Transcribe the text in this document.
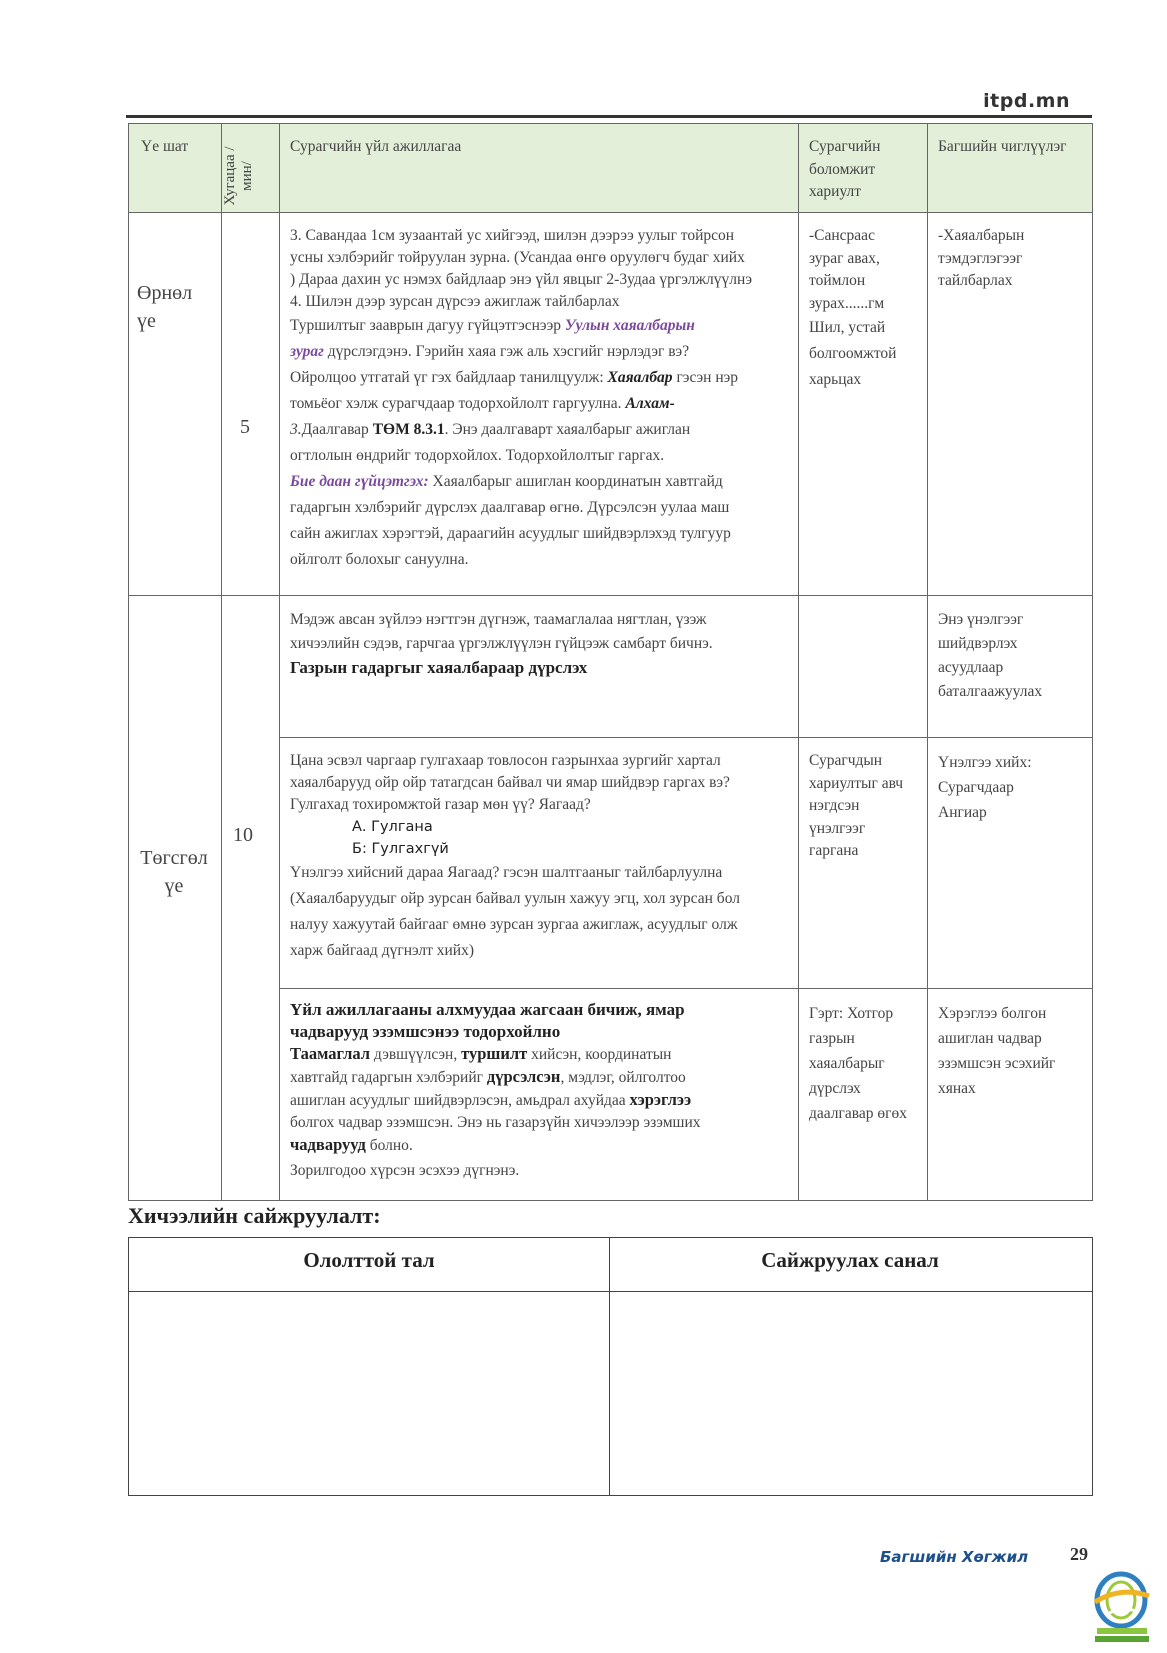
itpd.mn
Үе шат Хугацаа /мин/
Сурагчийн үйл ажиллагаа	Сурагчийн боломжит хариулт
Багшийн чиглүүлэг
Өрнөл үе
5
3. Савандаа 1см зузаантай ус хийгээд, шилэн дээрээ уулыг тойрсон
усны хэлбэрийг тойруулан зурна. (Усандаа өнгө оруулөгч будаг хийх
) Дараа дахин ус нэмэх байдлаар энэ үйл явцыг 2-3удаа үргэлжлүүлнэ
4. Шилэн дээр зурсан дүрсээ ажиглаж тайлбарлах
Туршилтыг зааврын дагуу гүйцэтгэснээр Уулын хаяалбарын
зураг дүрслэгдэнэ. Гэрийн хаяа гэж аль хэсгийг нэрлэдэг вэ?
Ойролцоо утгатай үг гэх байдлаар танилцуулж: Хаяалбар гэсэн нэр
томьёог хэлж сурагчдаар тодорхойлолт гаргуулна. Алхам-
3.Даалгавар ТӨМ 8.3.1. Энэ даалгаварт хаяалбарыг ажиглан
огтлолын өндрийг тодорхойлох. Тодорхойлолтыг гаргах.
Бие даан гүйцэтгэх: Хаяалбарыг ашиглан координатын хавтгайд
гадаргын хэлбэрийг дүрслэх даалгавар өгнө. Дүрсэлсэн уулаа маш
сайн ажиглах хэрэгтэй, дараагийн асуудлыг шийдвэрлэхэд тулгуур
ойлголт болохыг сануулна.
-Сансраас
зураг авах,
тоймлон
зурах......гм
Шил, устай
болгоомжтой
харьцах
-Хаяалбарын
тэмдэглэгээг
тайлбарлах
Төгсгөл үе
10
Мэдэж авсан зүйлээ нэгтгэн дүгнэж, таамаглалаа нягтлан, үзэж
хичээлийн сэдэв, гарчгаа үргэлжлүүлэн гүйцээж самбарт бичнэ.
Газрын гадаргыг хаяалбараар дүрслэх
Энэ үнэлгээг
шийдвэрлэх
асуудлаар
баталгаажуулах
Цана эсвэл чаргаар гулгахаар товлосон газрынхаа зургийг хартал
хаяалбарууд ойр ойр татагдсан байвал чи ямар шийдвэр гаргах вэ?
Гулгахад тохиромжтой газар мөн үү? Яагаад?
А. Гулгана
Б: Гулгахгүй
Үнэлгээ хийсний дараа Яагаад? гэсэн шалтгааныг тайлбарлуулна
(Хаяалбаруудыг ойр зурсан байвал уулын хажуу эгц, хол зурсан бол
налуу хажуутай байгааг өмнө зурсан зургаа ажиглаж, асуудлыг олж
харж байгаад дүгнэлт хийх)
Сурагчдын
хариултыг авч
нэгдсэн
үнэлгээг
гаргана
Үнэлгээ хийх:
Сурагчдаар
Ангиар
Үйл ажиллагааны алхмуудаа жагсаан бичиж, ямар
чадварууд эзэмшсэнээ тодорхойлно
Таамаглал дэвшүүлсэн, туршилт хийсэн, координатын
хавтгайд гадаргын хэлбэрийг дүрсэлсэн, мэдлэг, ойлголтоо
ашиглан асуудлыг шийдвэрлэсэн, амьдрал ахуйдаа хэрэглээ
болгох чадвар эзэмшсэн. Энэ нь газарзүйн хичээлээр эзэмших
чадварууд болно.
Зорилгодоо хүрсэн эсэхээ дүгнэнэ.
Гэрт: Хотгор
газрын
хаяалбарыг
дүрслэх
даалгавар өгөх
Хэрэглээ болгон
ашиглан чадвар
эзэмшсэн эсэхийг
хянах
Хичээлийн сайжруулалт:
Ололттой тал	Сайжруулах санал
Багшийн Хөгжил 29
